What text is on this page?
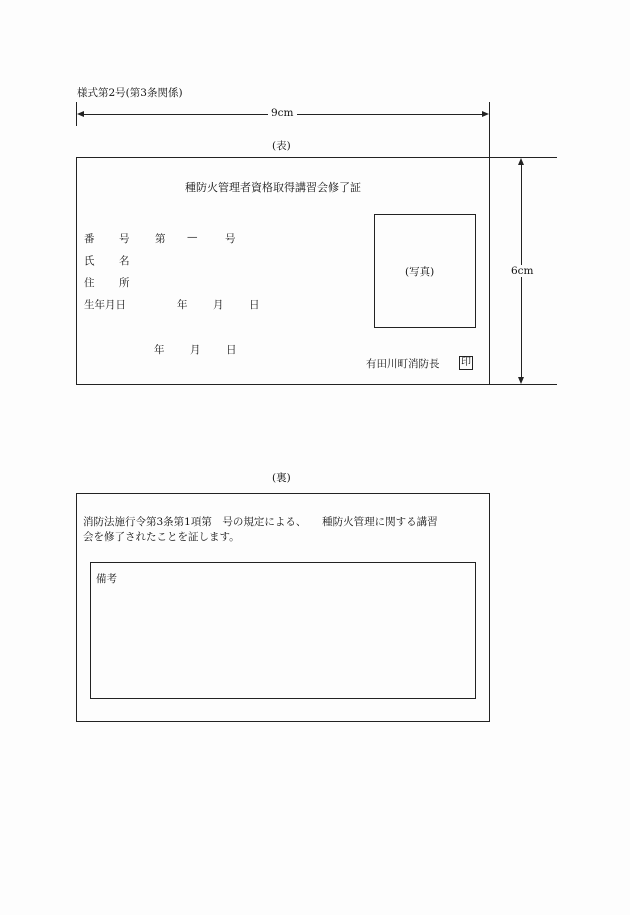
様式第2号(第3条関係)
9cm
(表)
6cm
種防火管理者資格取得講習会修了証
番 号 第 —	号
氏 名
住 所
生年月日	年 月 日
(写真)
年 月 日
有田川町消防長 印
(裏)
消防法施行令第3条第1項第　号の規定による、　　種防火管理に関する講習
会を修了されたことを証します。
備考
